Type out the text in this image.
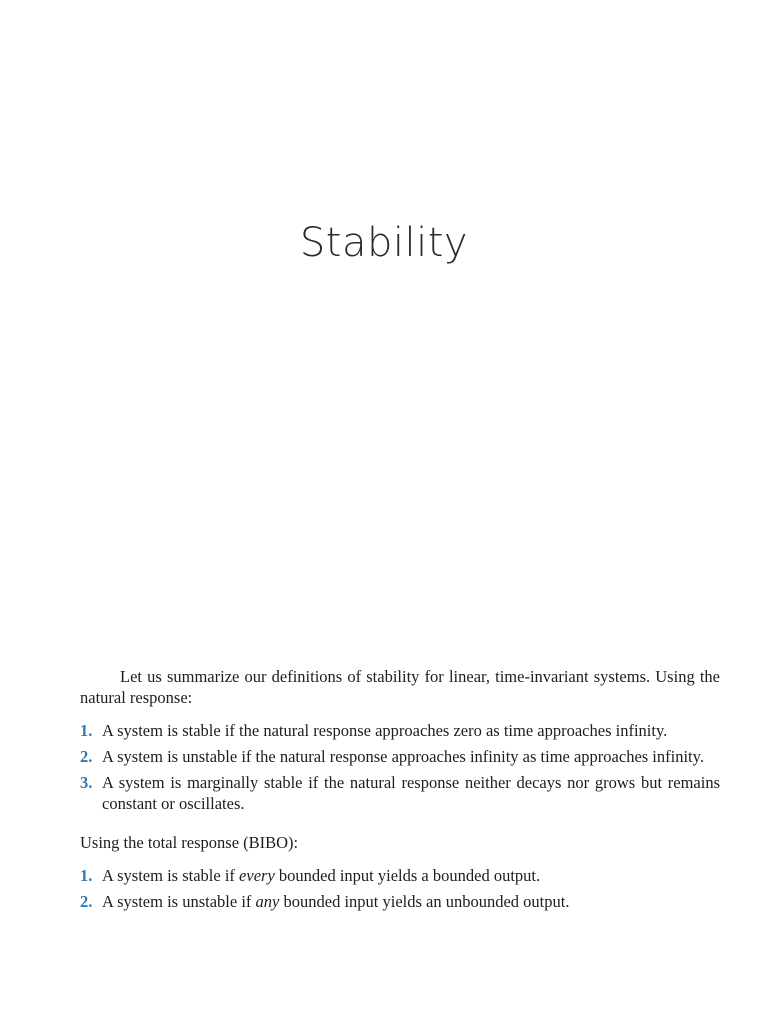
Stability

Let us summarize our definitions of stability for linear, time-invariant systems. Using the natural response:

1. A system is stable if the natural response approaches zero as time approaches infinity.
2. A system is unstable if the natural response approaches infinity as time approaches infinity.
3. A system is marginally stable if the natural response neither decays nor grows but remains constant or oscillates.

Using the total response (BIBO):

1. A system is stable if every bounded input yields a bounded output.
2. A system is unstable if any bounded input yields an unbounded output.
